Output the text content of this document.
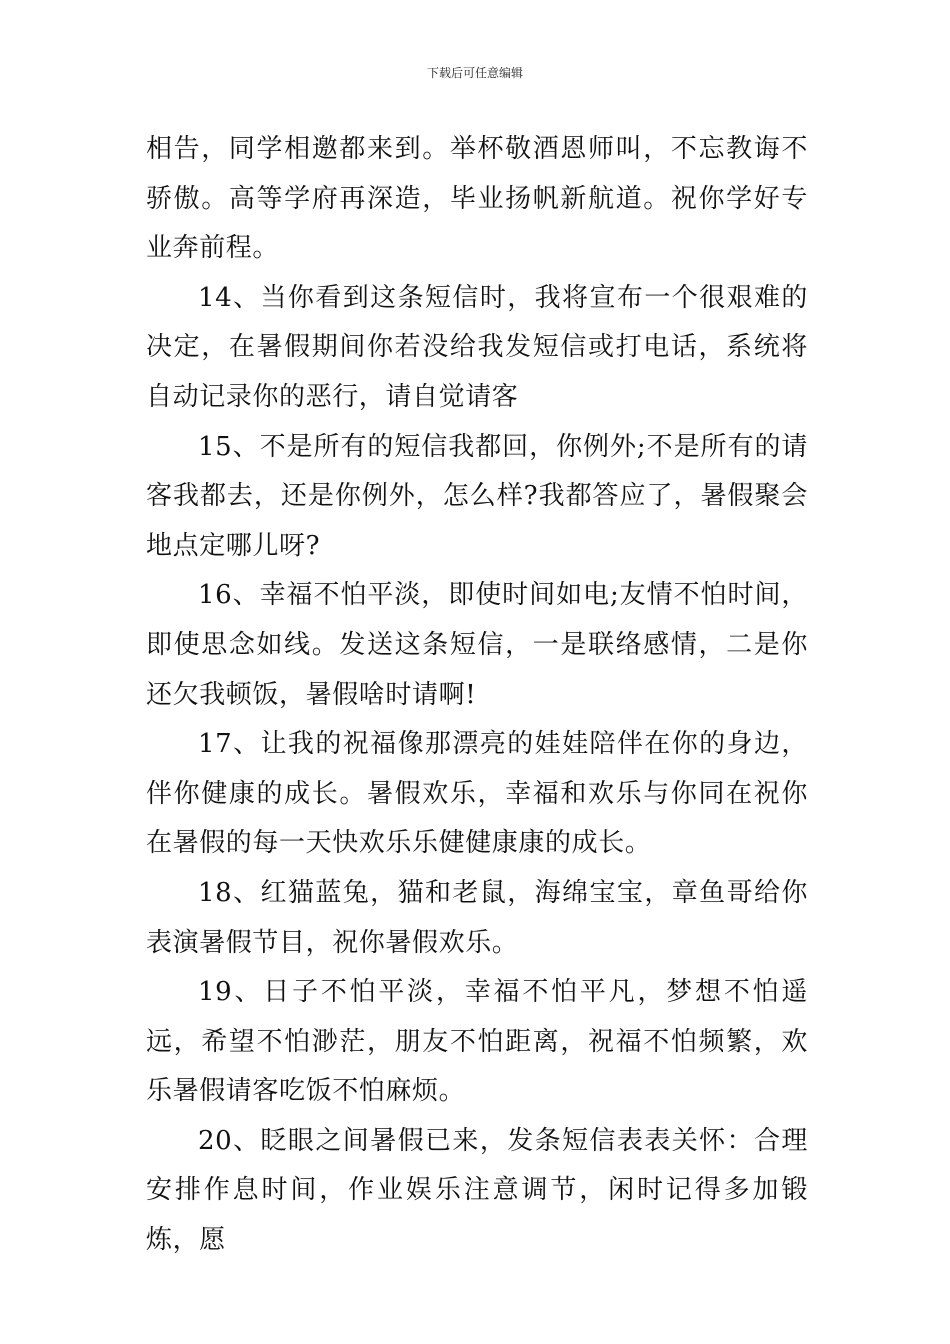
下载后可任意编辑

相告，同学相邀都来到。举杯敬酒恩师叫，不忘教诲不骄傲。高等学府再深造，毕业扬帆新航道。祝你学好专业奔前程。

14、当你看到这条短信时，我将宣布一个很艰难的决定，在暑假期间你若没给我发短信或打电话，系统将自动记录你的恶行，请自觉请客

15、不是所有的短信我都回，你例外;不是所有的请客我都去，还是你例外，怎么样?我都答应了，暑假聚会地点定哪儿呀?

16、幸福不怕平淡，即使时间如电;友情不怕时间，即使思念如线。发送这条短信，一是联络感情，二是你还欠我顿饭，暑假啥时请啊!

17、让我的祝福像那漂亮的娃娃陪伴在你的身边，伴你健康的成长。暑假欢乐，幸福和欢乐与你同在祝你在暑假的每一天快欢乐乐健健康康的成长。

18、红猫蓝兔，猫和老鼠，海绵宝宝，章鱼哥给你表演暑假节目，祝你暑假欢乐。

19、日子不怕平淡，幸福不怕平凡，梦想不怕遥远，希望不怕渺茫，朋友不怕距离，祝福不怕频繁，欢乐暑假请客吃饭不怕麻烦。

20、眨眼之间暑假已来，发条短信表表关怀：合理安排作息时间，作业娱乐注意调节，闲时记得多加锻炼，愿
